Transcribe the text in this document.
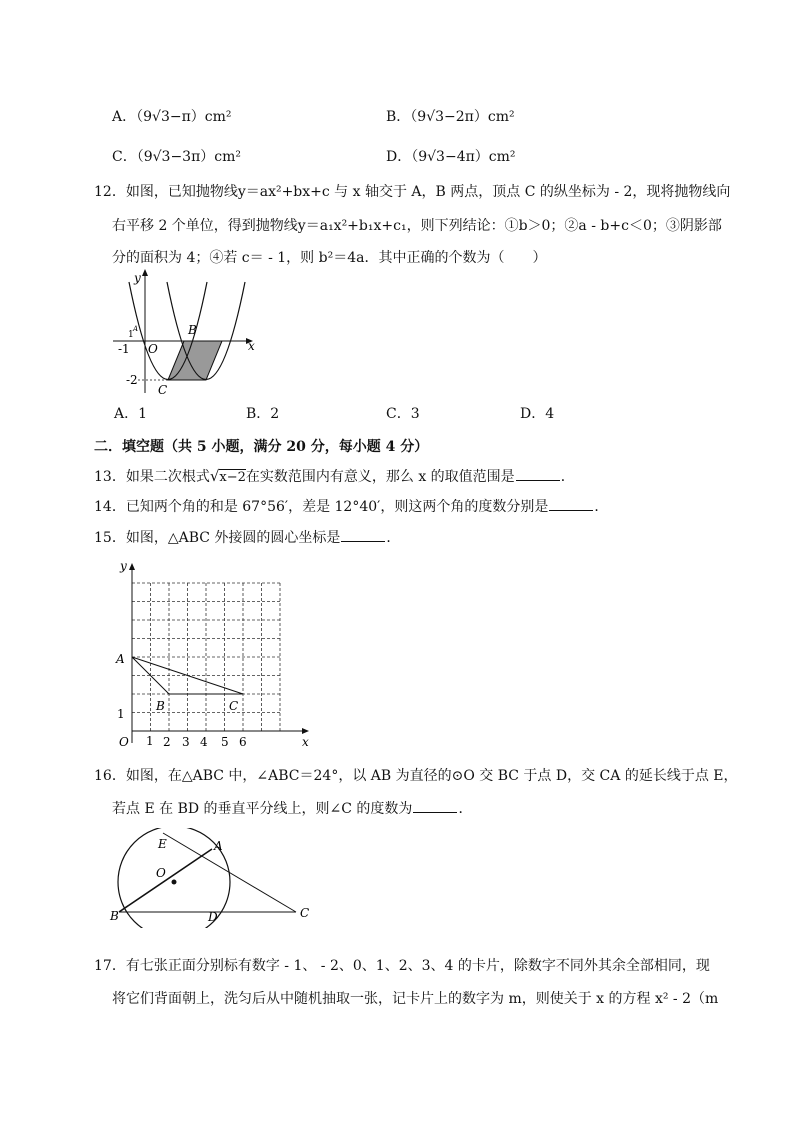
A．（9√3−π）cm²	B．（9√3−2π）cm²
C．（9√3−3π）cm²	D．（9√3−4π）cm²
12．如图，已知抛物线y＝ax²+bx+c 与 x 轴交于 A，B 两点，顶点 C 的纵坐标为 - 2，现将抛物线向
右平移 2 个单位，得到抛物线y＝a₁x²+b₁x+c₁，则下列结论：①b＞0；②a - b+c＜0；③阴影部
分的面积为 4；④若 c＝ - 1，则 b²＝4a．其中正确的个数为（　　）
y
x
O
1
A
-1
-2
B
C
A．1	B．2	C．3	D．4
二．填空题（共 5 小题，满分 20 分，每小题 4 分）
13．如果二次根式√x−2在实数范围内有意义，那么 x 的取值范围是	．
14．已知两个角的和是 67°56′，差是 12°40′，则这两个角的度数分别是	．
15．如图，△ABC 外接圆的圆心坐标是	．
y
x
O 1 2 3 4 5 6
1
A
B	C
16．如图，在△ABC 中，∠ABC＝24°，以 AB 为直径的⊙O 交 BC 于点 D，交 CA 的延长线于点 E，
若点 E 在 BD 的垂直平分线上，则∠C 的度数为	．
E	A
O
B	D	C
17．有七张正面分别标有数字 - 1、 - 2、0、1、2、3、4 的卡片，除数字不同外其余全部相同，现
将它们背面朝上，洗匀后从中随机抽取一张，记卡片上的数字为 m，则使关于 x 的方程 x² - 2（m
